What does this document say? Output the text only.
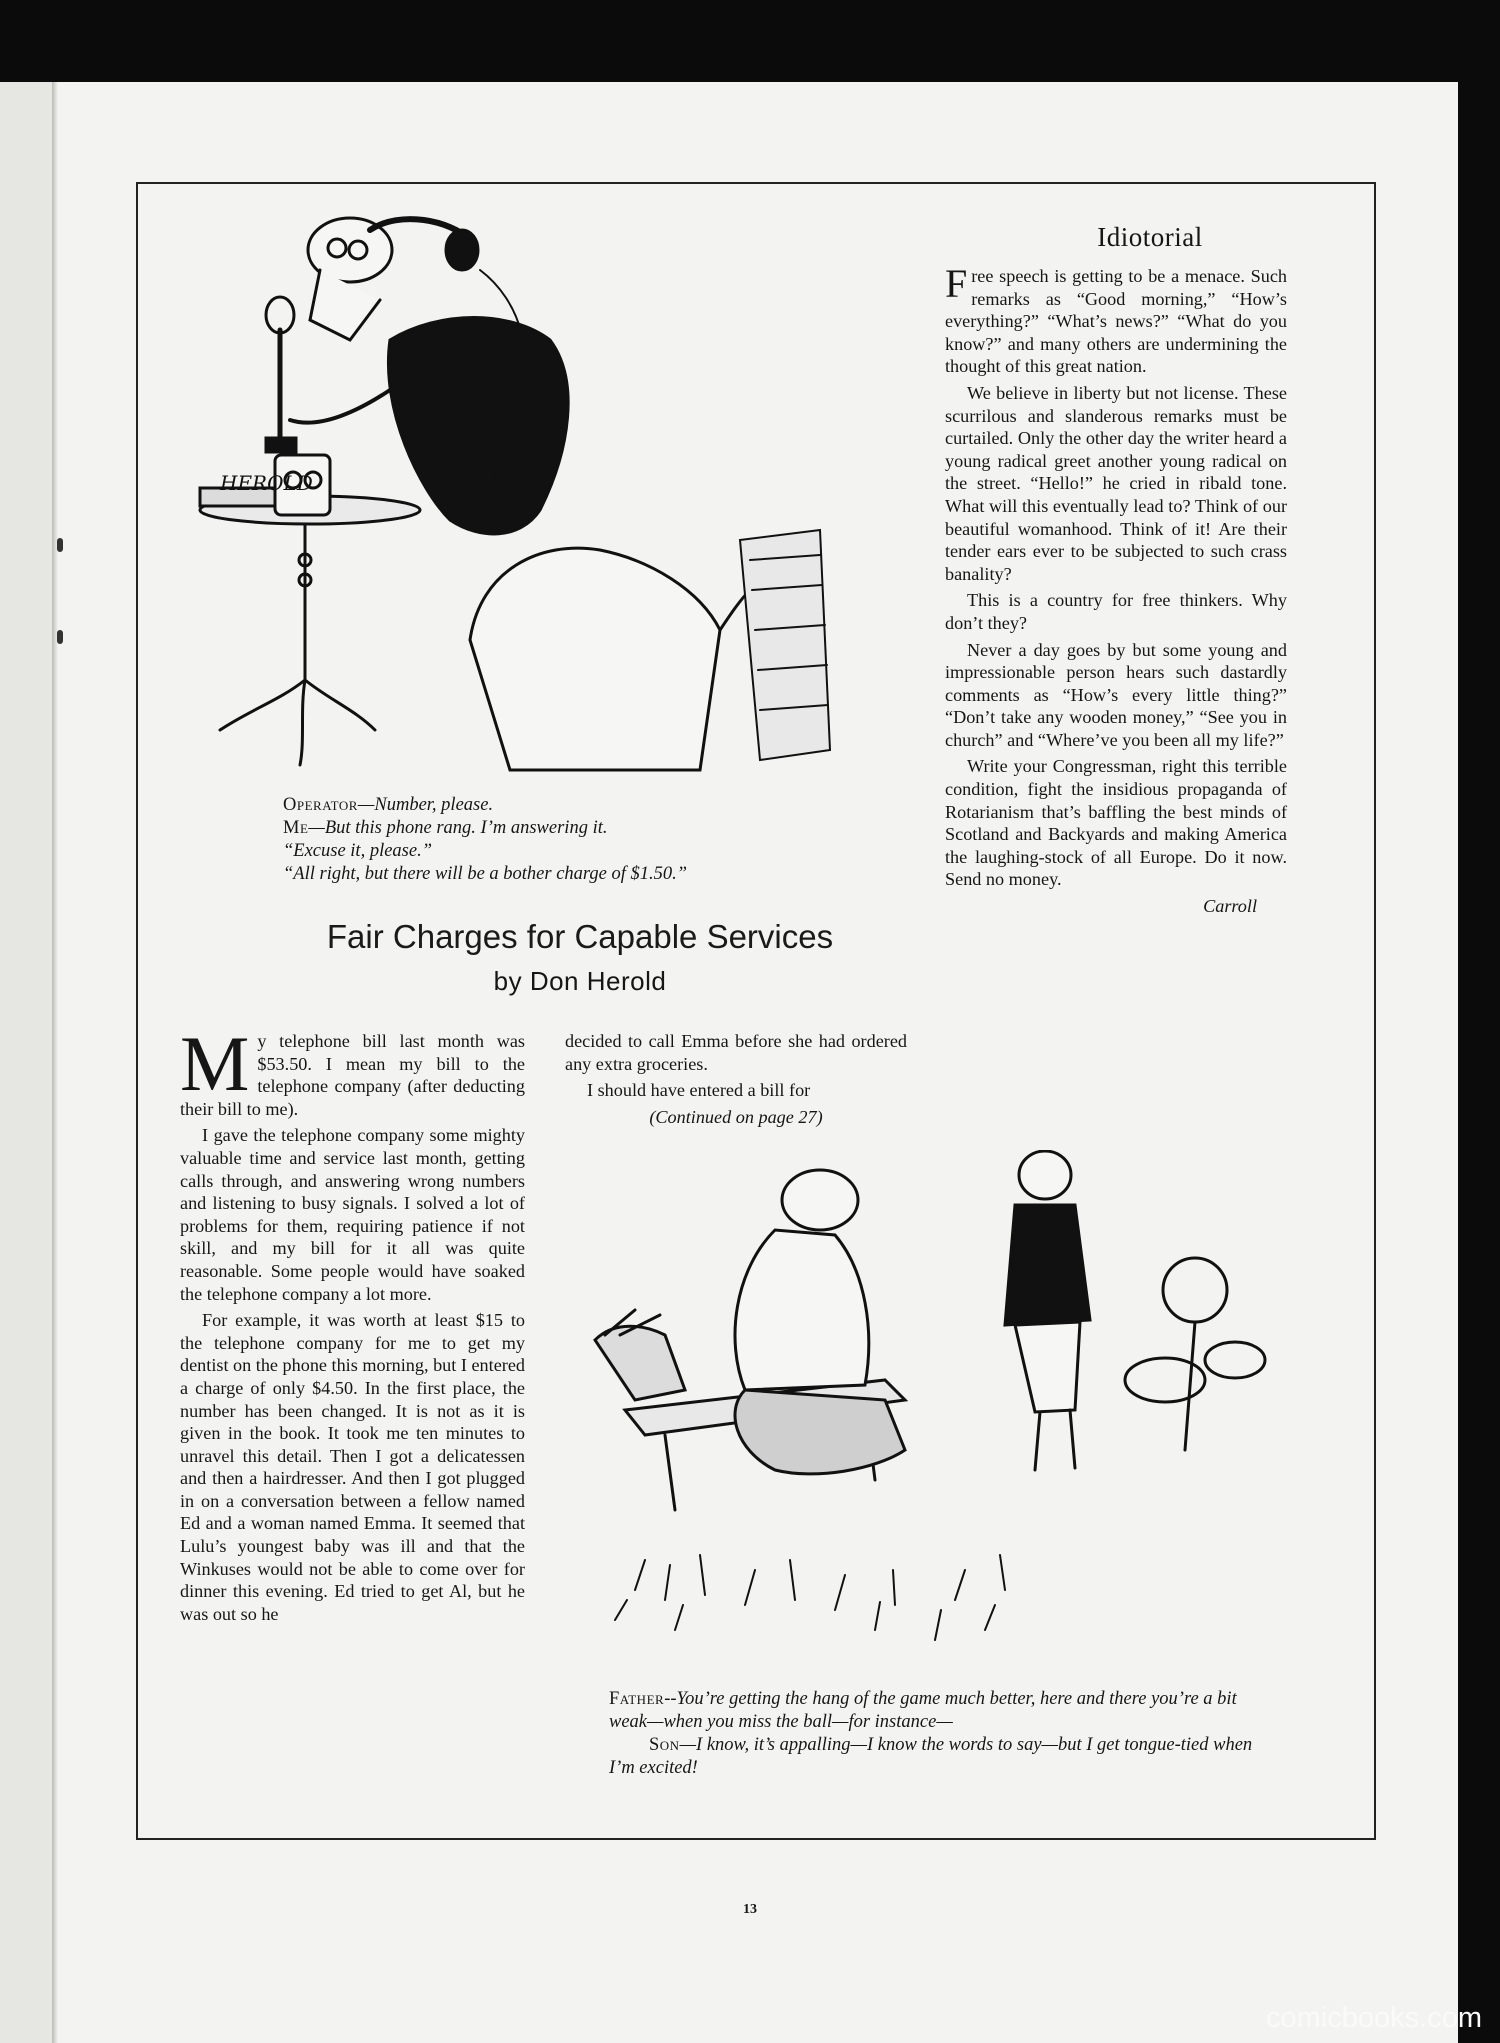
HEROLD
Operator—Number, please.
Me—But this phone rang. I’m answering it.
“Excuse it, please.”
“All right, but there will be a bother charge of $1.50.”
Idiotorial

Free speech is getting to be a menace. Such remarks as “Good morning,” “How’s everything?” “What’s news?” “What do you know?” and many others are undermining the thought of this great nation.

We believe in liberty but not license. These scurrilous and slanderous remarks must be curtailed. Only the other day the writer heard a young radical greet another young radical on the street. “Hello!” he cried in ribald tone. What will this eventually lead to? Think of our beautiful womanhood. Think of it! Are their tender ears ever to be subjected to such crass banality?

This is a country for free thinkers. Why don’t they?

Never a day goes by but some young and impressionable person hears such dastardly comments as “How’s every little thing?” “Don’t take any wooden money,” “See you in church” and “Where’ve you been all my life?”

Write your Congressman, right this terrible condition, fight the insidious propaganda of Rotarianism that’s baffling the best minds of Scotland and Backyards and making America the laughing-stock of all Europe. Do it now. Send no money.

Carroll
Fair Charges for Capable Services
by Don Herold

My telephone bill last month was $53.50. I mean my bill to the telephone company (after deducting their bill to me).

I gave the telephone company some mighty valuable time and service last month, getting calls through, and answering wrong numbers and listening to busy signals. I solved a lot of problems for them, requiring patience if not skill, and my bill for it all was quite reasonable. Some people would have soaked the telephone company a lot more.

For example, it was worth at least $15 to the telephone company for me to get my dentist on the phone this morning, but I entered a charge of only $4.50. In the first place, the number has been changed. It is not as it is given in the book. It took me ten minutes to unravel this detail. Then I got a delicatessen and then a hairdresser. And then I got plugged in on a conversation between a fellow named Ed and a woman named Emma. It seemed that Lulu’s youngest baby was ill and that the Winkuses would not be able to come over for dinner this evening. Ed tried to get Al, but he was out so he

decided to call Emma before she had ordered any extra groceries.

I should have entered a bill for

(Continued on page 27)
Father--You’re getting the hang of the game much better, here and there you’re a bit weak—when you miss the ball—for instance—
Son—I know, it’s appalling—I know the words to say—but I get tongue-tied when I’m excited!
13
comicbooks.com
